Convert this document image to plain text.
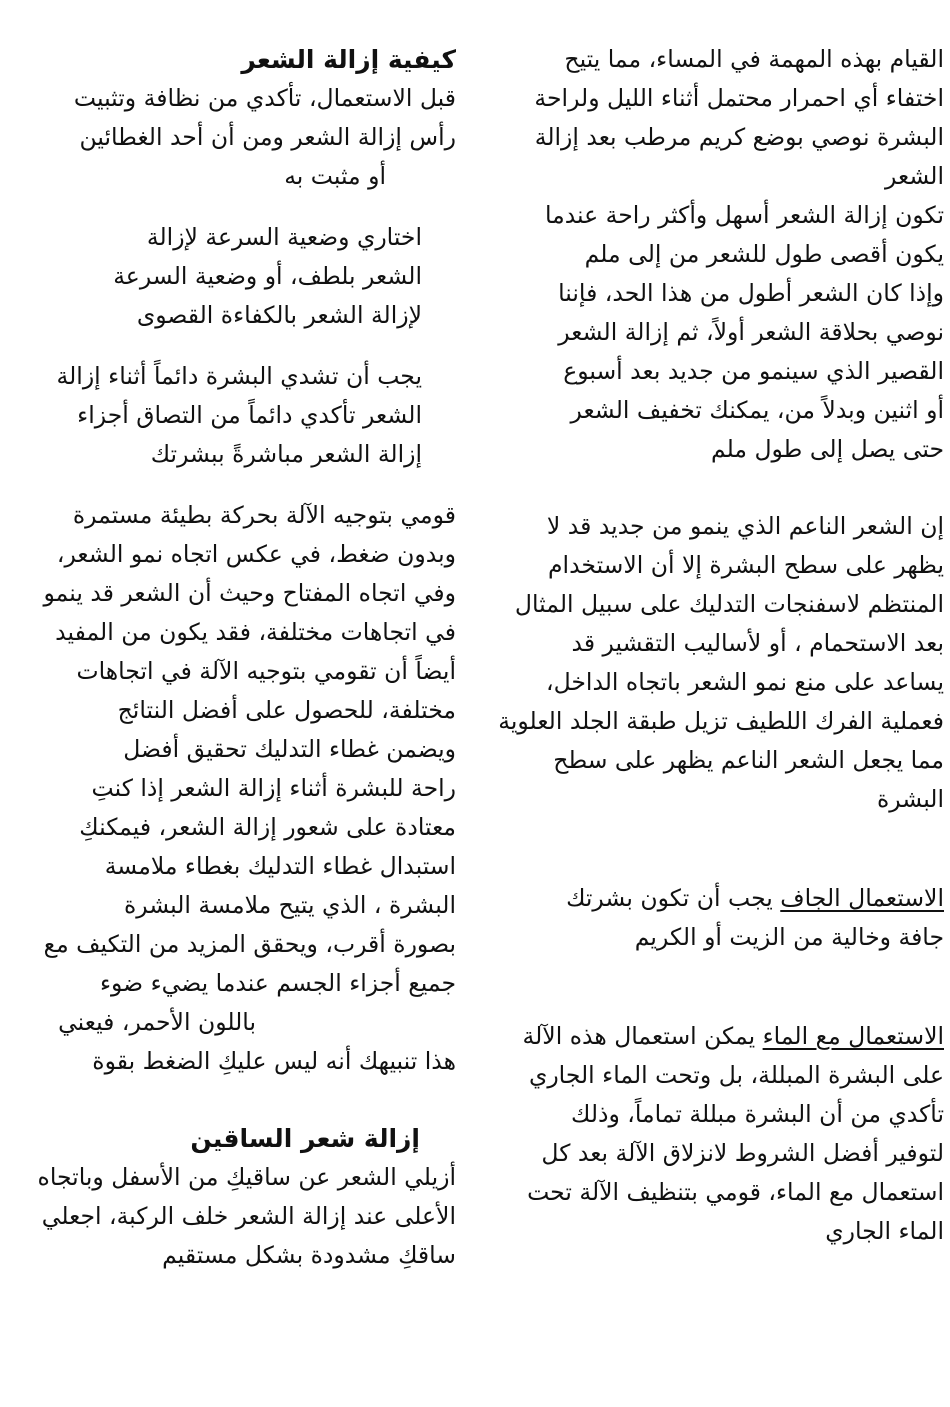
القيام بهذه المهمة في المساء، مما يتيح
اختفاء أي احمرار محتمل أثناء الليل ولراحة
البشرة نوصي بوضع كريم مرطب بعد إزالة
الشعر
تكون إزالة الشعر أسهل وأكثر راحة عندما
يكون أقصى طول للشعر من إلى ملم
وإذا كان الشعر أطول من هذا الحد، فإننا
نوصي بحلاقة الشعر أولاً، ثم إزالة الشعر
القصير الذي سينمو من جديد بعد أسبوع
أو اثنين وبدلاً من، يمكنك تخفيف الشعر
حتى يصل إلى طول ملم
إن الشعر الناعم الذي ينمو من جديد قد لا
يظهر على سطح البشرة إلا أن الاستخدام
المنتظم لاسفنجات التدليك على سبيل المثال
بعد الاستحمام ، أو لأساليب التقشير قد
يساعد على منع نمو الشعر باتجاه الداخل،
فعملية الفرك اللطيف تزيل طبقة الجلد العلوية
مما يجعل الشعر الناعم يظهر على سطح
البشرة
الاستعمال الجاف يجب أن تكون بشرتك
جافة وخالية من الزيت أو الكريم
الاستعمال مع الماء يمكن استعمال هذه الآلة
على البشرة المبللة، بل وتحت الماء الجاري
تأكدي من أن البشرة مبللة تماماً، وذلك
لتوفير أفضل الشروط لانزلاق الآلة بعد كل
استعمال مع الماء، قومي بتنظيف الآلة تحت
الماء الجاري
كيفية إزالة الشعر
قبل الاستعمال، تأكدي من نظافة وتثبيت
رأس إزالة الشعر ومن أن أحد الغطائين
أو مثبت به
اختاري وضعية السرعة لإزالة
الشعر بلطف، أو وضعية السرعة
لإزالة الشعر بالكفاءة القصوى
يجب أن تشدي البشرة دائماً أثناء إزالة
الشعر تأكدي دائماً من التصاق أجزاء
إزالة الشعر مباشرةً ببشرتك
قومي بتوجيه الآلة بحركة بطيئة مستمرة
وبدون ضغط، في عكس اتجاه نمو الشعر،
وفي اتجاه المفتاح وحيث أن الشعر قد ينمو
في اتجاهات مختلفة، فقد يكون من المفيد
أيضاً أن تقومي بتوجيه الآلة في اتجاهات
مختلفة، للحصول على أفضل النتائج
ويضمن غطاء التدليك تحقيق أفضل
راحة للبشرة أثناء إزالة الشعر إذا كنتِ
معتادة على شعور إزالة الشعر، فيمكنكِ
استبدال غطاء التدليك بغطاء ملامسة
البشرة ، الذي يتيح ملامسة البشرة
بصورة أقرب، ويحقق المزيد من التكيف مع
جميع أجزاء الجسم عندما يضيء ضوء
باللون الأحمر، فيعني
هذا تنبيهك أنه ليس عليكِ الضغط بقوة
إزالة شعر الساقين
أزيلي الشعر عن ساقيكِ من الأسفل وباتجاه
الأعلى عند إزالة الشعر خلف الركبة، اجعلي
ساقكِ مشدودة بشكل مستقيم
